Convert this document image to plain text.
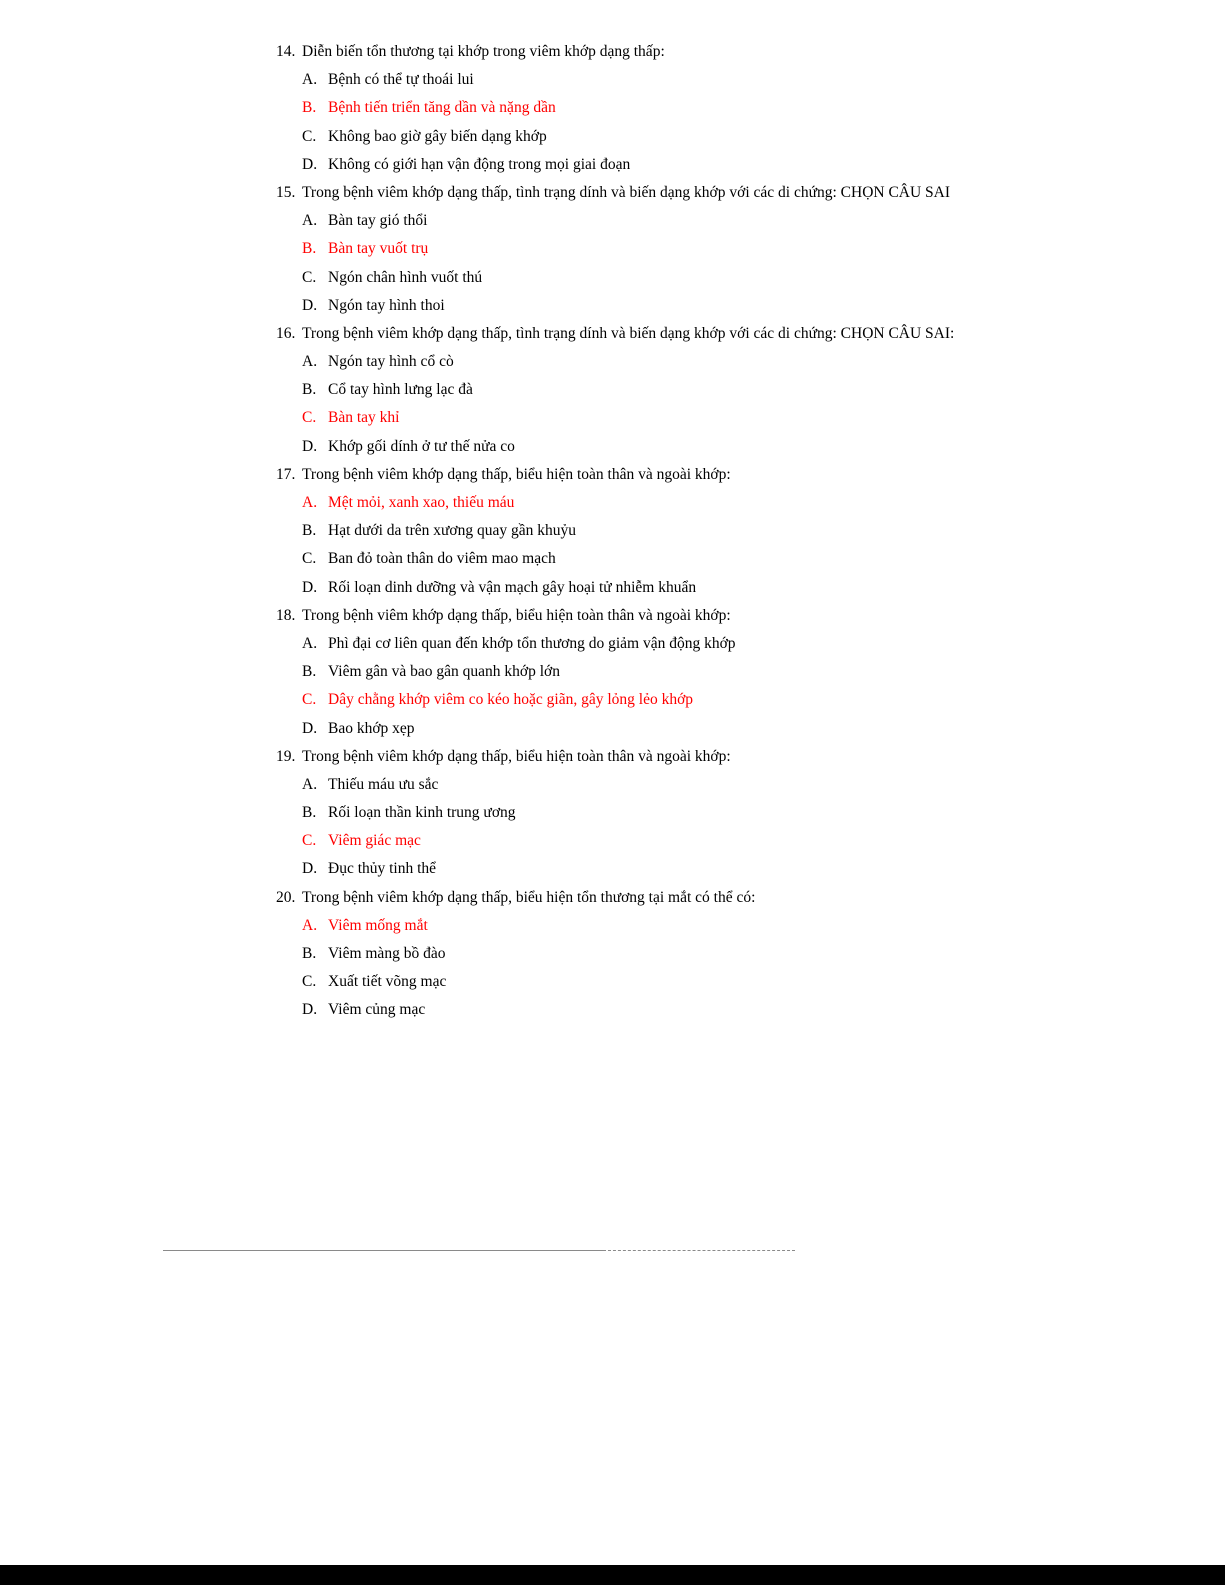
14. Diễn biến tổn thương tại khớp trong viêm khớp dạng thấp:
A. Bệnh có thể tự thoái lui
B. Bệnh tiến triển tăng dần và nặng dần
C. Không bao giờ gây biến dạng khớp
D. Không có giới hạn vận động trong mọi giai đoạn
15. Trong bệnh viêm khớp dạng thấp, tình trạng dính và biến dạng khớp với các di chứng: CHỌN CÂU SAI
A. Bàn tay gió thổi
B. Bàn tay vuốt trụ
C. Ngón chân hình vuốt thú
D. Ngón tay hình thoi
16. Trong bệnh viêm khớp dạng thấp, tình trạng dính và biến dạng khớp với các di chứng: CHỌN CÂU SAI:
A. Ngón tay hình cổ cò
B. Cổ tay hình lưng lạc đà
C. Bàn tay khỉ
D. Khớp gối dính ở tư thế nửa co
17. Trong bệnh viêm khớp dạng thấp, biểu hiện toàn thân và ngoài khớp:
A. Mệt mỏi, xanh xao, thiếu máu
B. Hạt dưới da trên xương quay gần khuỷu
C. Ban đỏ toàn thân do viêm mao mạch
D. Rối loạn dinh dưỡng và vận mạch gây hoại tử nhiễm khuẩn
18. Trong bệnh viêm khớp dạng thấp, biểu hiện toàn thân và ngoài khớp:
A. Phì đại cơ liên quan đến khớp tổn thương do giảm vận động khớp
B. Viêm gân và bao gân quanh khớp lớn
C. Dây chằng khớp viêm co kéo hoặc giãn, gây lỏng lẻo khớp
D. Bao khớp xẹp
19. Trong bệnh viêm khớp dạng thấp, biểu hiện toàn thân và ngoài khớp:
A. Thiếu máu ưu sắc
B. Rối loạn thần kinh trung ương
C. Viêm giác mạc
D. Đục thủy tinh thể
20. Trong bệnh viêm khớp dạng thấp, biểu hiện tổn thương tại mắt có thể có:
A. Viêm mống mắt
B. Viêm màng bồ đào
C. Xuất tiết võng mạc
D. Viêm củng mạc
